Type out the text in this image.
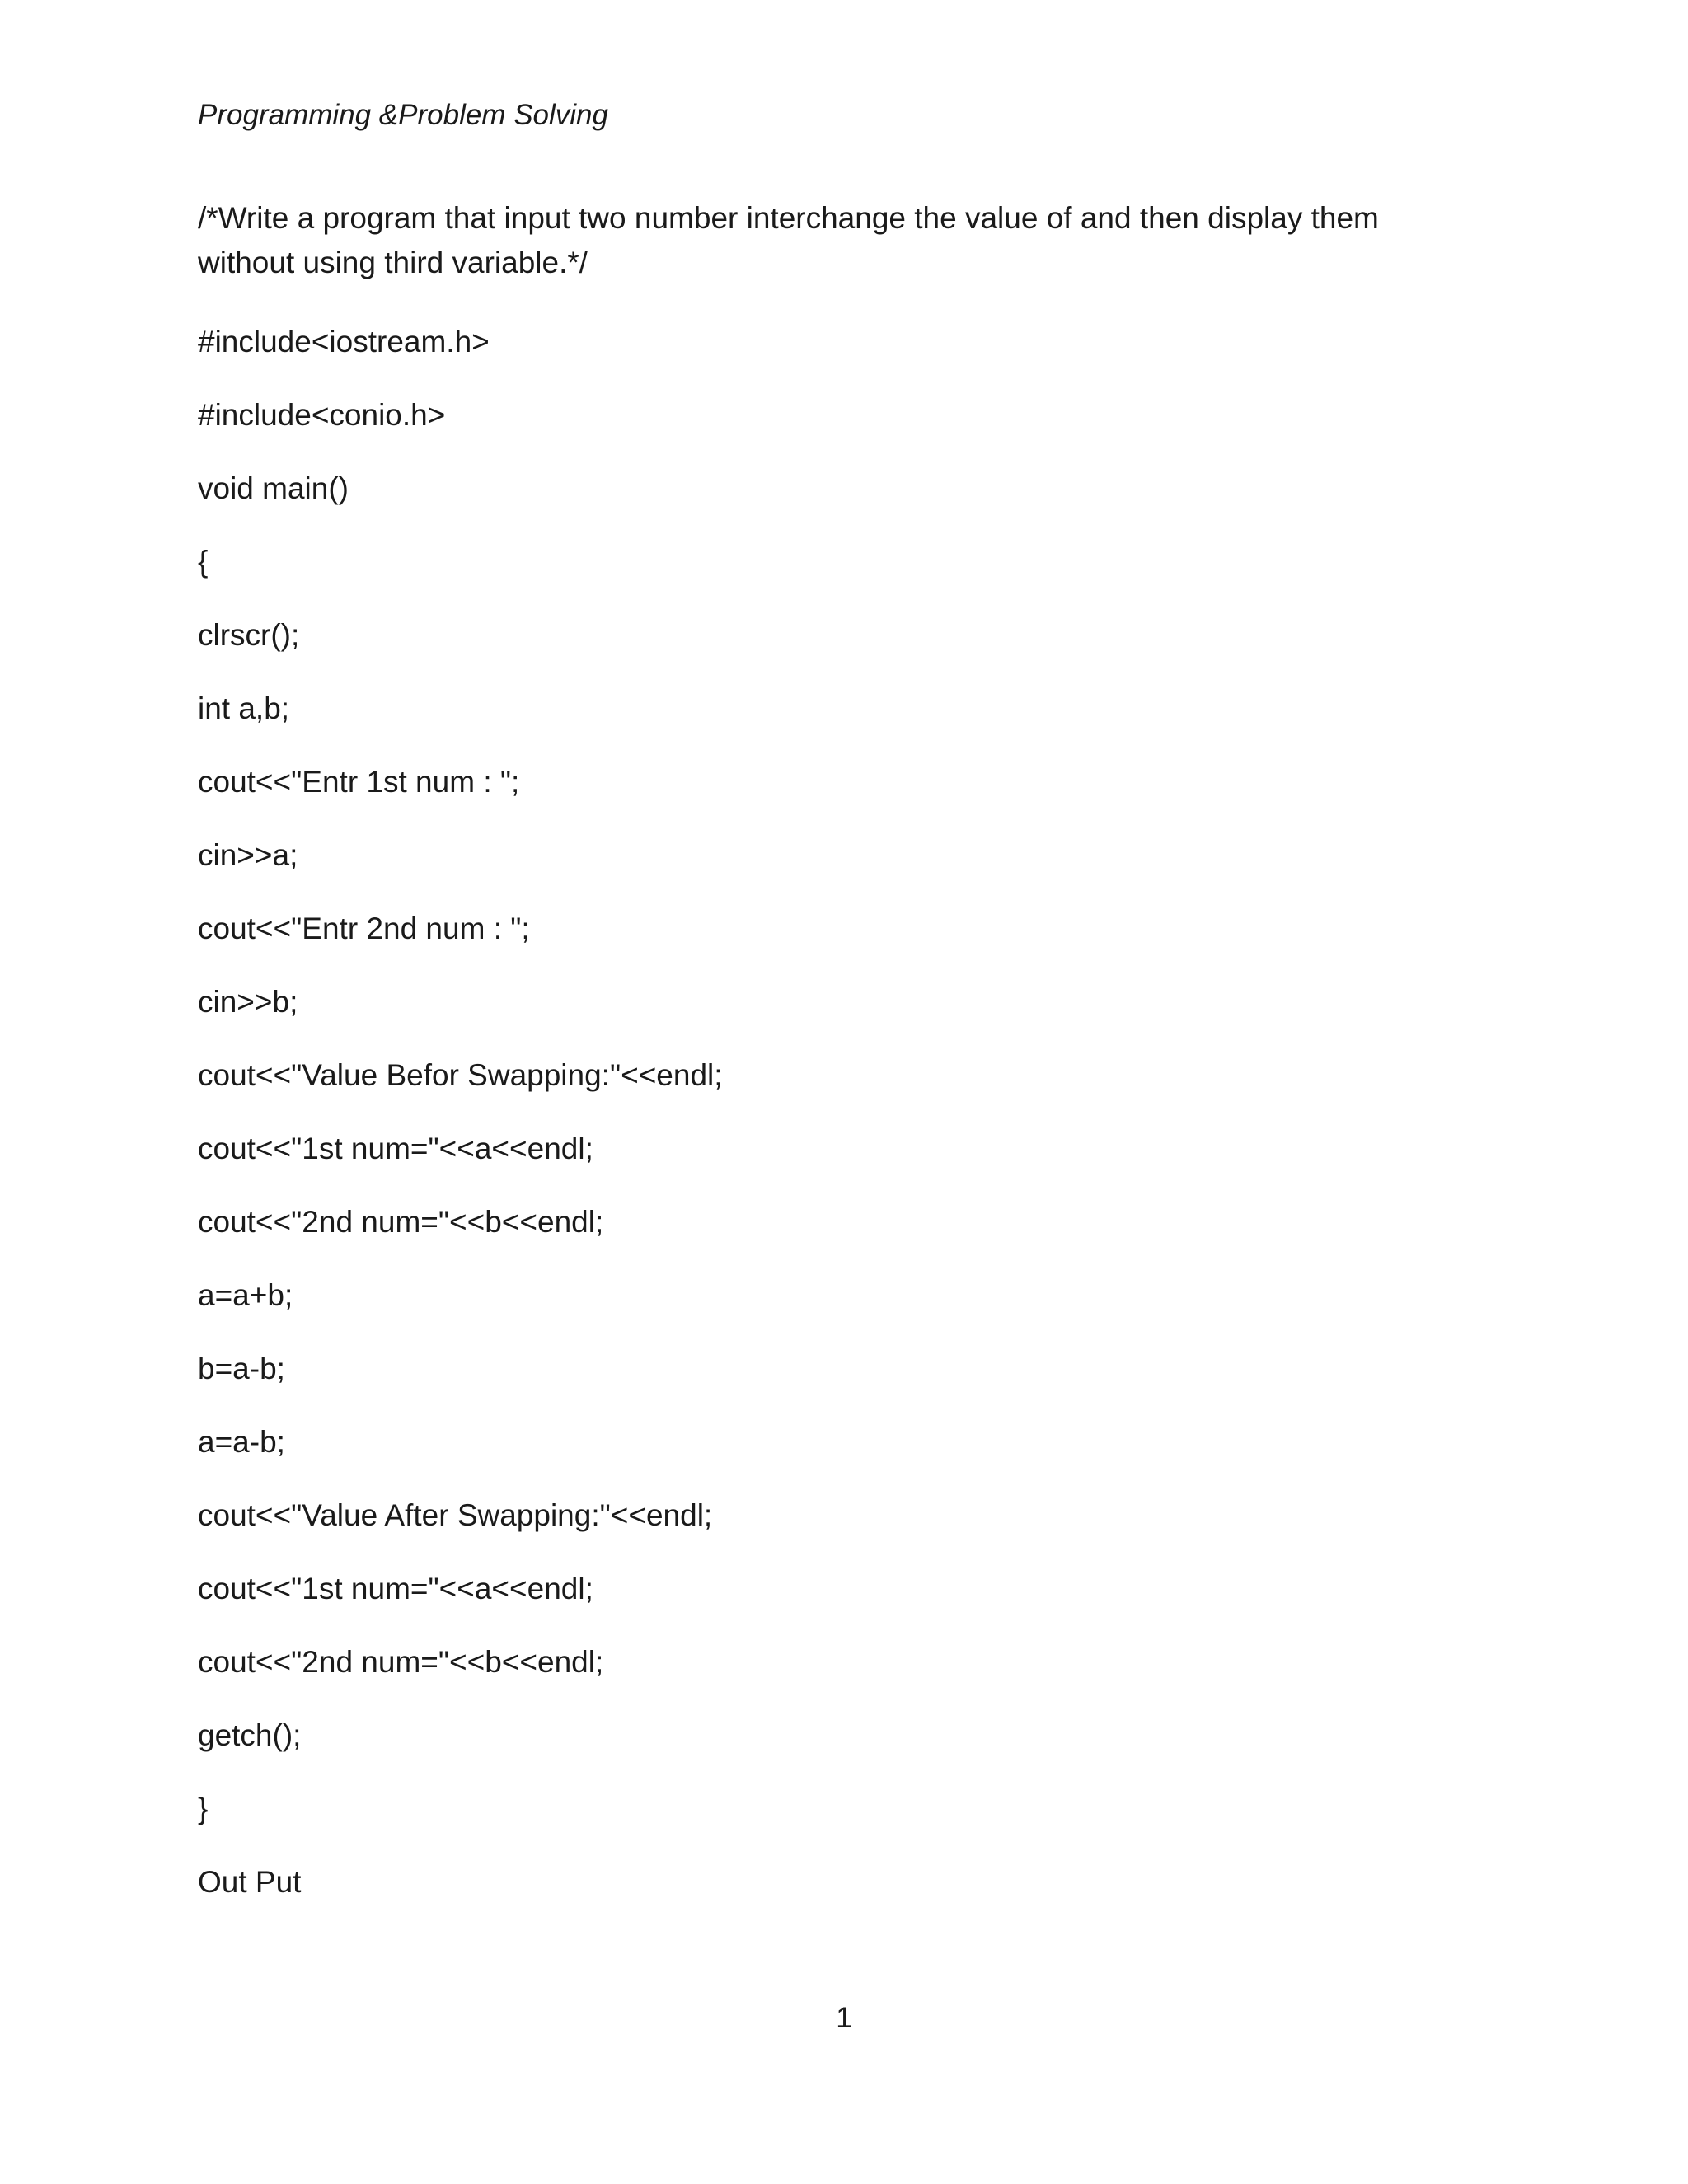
Programming &Problem Solving
/*Write a program that input two number interchange the value of and then display them
without using third variable.*/
#include<iostream.h>
#include<conio.h>
void main()
{
clrscr();
int a,b;
cout<<"Entr 1st num : ";
cin>>a;
cout<<"Entr 2nd num : ";
cin>>b;
cout<<"Value Befor Swapping:"<<endl;
cout<<"1st num="<<a<<endl;
cout<<"2nd num="<<b<<endl;
a=a+b;
b=a-b;
a=a-b;
cout<<"Value After Swapping:"<<endl;
cout<<"1st num="<<a<<endl;
cout<<"2nd num="<<b<<endl;
getch();
}
Out Put
1
